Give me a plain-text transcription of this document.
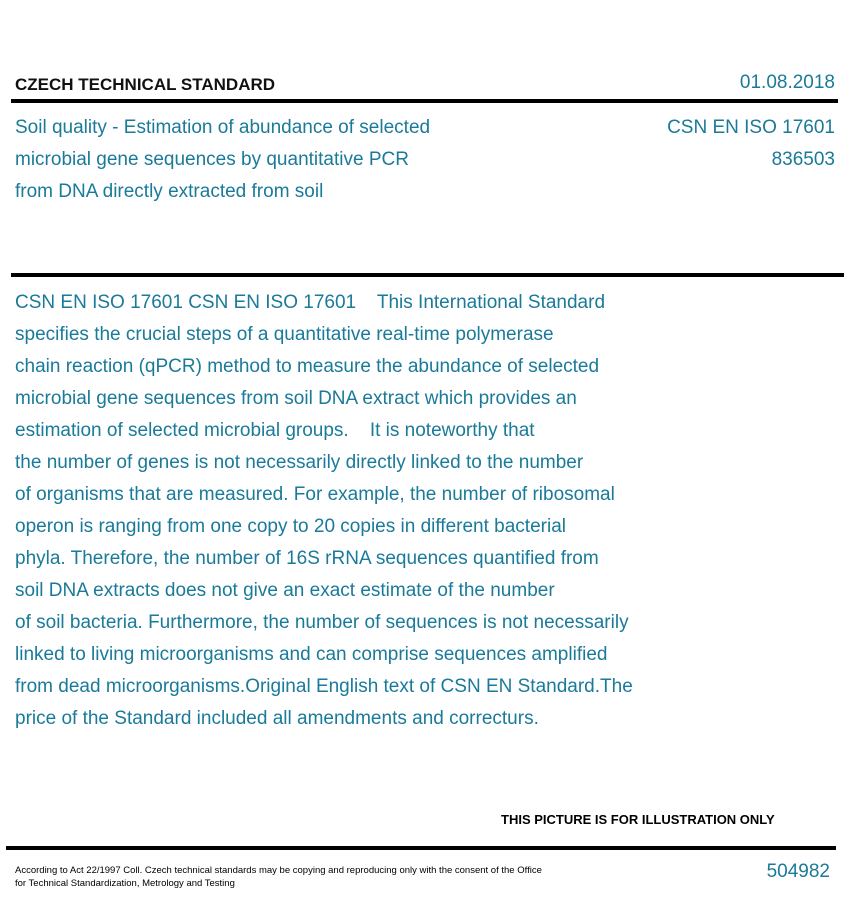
CZECH TECHNICAL STANDARD	01.08.2018
Soil quality - Estimation of abundance of selected
microbial gene sequences by quantitative PCR
from DNA directly extracted from soil
CSN EN ISO 17601
836503
CSN EN ISO 17601 CSN EN ISO 17601    This International Standard
specifies the crucial steps of a quantitative real-time polymerase
chain reaction (qPCR) method to measure the abundance of selected
microbial gene sequences from soil DNA extract which provides an
estimation of selected microbial groups.    It is noteworthy that
the number of genes is not necessarily directly linked to the number
of organisms that are measured. For example, the number of ribosomal
operon is ranging from one copy to 20 copies in different bacterial
phyla. Therefore, the number of 16S rRNA sequences quantified from
soil DNA extracts does not give an exact estimate of the number
of soil bacteria. Furthermore, the number of sequences is not necessarily
linked to living microorganisms and can comprise sequences amplified
from dead microorganisms.Original English text of CSN EN Standard.The
price of the Standard included all amendments and correcturs.
THIS PICTURE IS FOR ILLUSTRATION ONLY
According to Act 22/1997 Coll. Czech technical standards may be copying and reproducing only with the consent of the Office
for Technical Standardization, Metrology and Testing
504982
